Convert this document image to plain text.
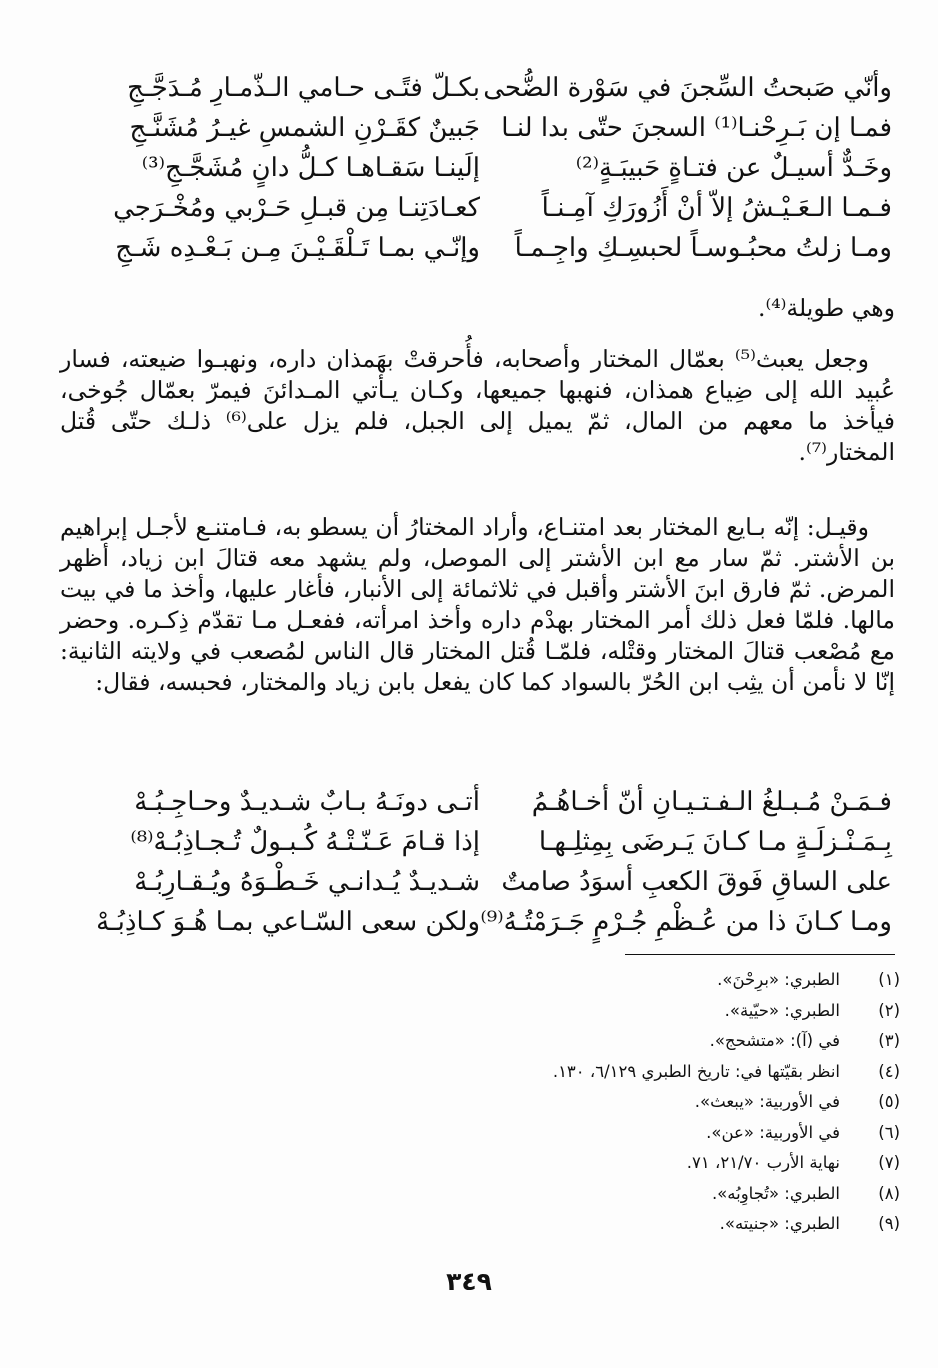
وأنّي صَبحتُ السِّجنَ في سَوْرة الضُّحى
بكـلّ فتًـى حـامي الـذّمـارِ مُـدَجَّـجِ
فمـا إن بَـرِحْنـا⁽¹⁾ السجنَ حتّى بدا لنـا
جَبينٌ كقَـرْنِ الشمسِ غيـرُ مُشَنَّـجِ
وخَـدٌّ أسيـلٌ عن فتـاةٍ حَبيبَـةٍ⁽²⁾
إلَينـا سَقـاهـا كـلُّ دانٍ مُشَجَّـجِ⁽³⁾
فـمـا الـعَـيْـشُ إلاّ أنْ أَزُورَكِ آمِـنـاً
كعـادَتِنـا مِن قبـلِ حَـرْبي ومُخْـرَجي
ومـا زلتُ محبُـوسـاً لحبسِـكِ واجِـمـاً
وإنّـي بمـا تَـلْقَـيْـنَ مِـن بَـعْـدِه شَـجِ

وهي طويلة⁽⁴⁾.

وجعل يعبث⁽⁵⁾ بعمّال المختار وأصحابه، فأُحرقتْ بهَمذان داره، ونهبـوا ضيعته، فسار عُبيد الله إلى ضِياع همذان، فنهبها جميعها، وكـان يـأتي المـدائنَ فيمرّ بعمّال جُوخى، فيأخذ ما معهم من المال، ثمّ يميل إلى الجبل، فلم يزل على⁽⁶⁾ ذلـك حتّى قُتل المختار⁽⁷⁾.

وقيـل: إنّه بـايع المختار بعد امتنـاع، وأراد المختارُ أن يسطو به، فـامتنـع لأجـل إبراهيم بن الأشتر. ثمّ سار مع ابن الأشتر إلى الموصل، ولم يشهد معه قتالَ ابن زياد، أظهر المرض. ثمّ فارق ابنَ الأشتر وأقبل في ثلاثمائة إلى الأنبار، فأغار عليها، وأخذ ما في بيت مالها. فلمّا فعل ذلك أمر المختار بهدْم داره وأخذ امرأته، ففعـل مـا تقدّم ذِكـره. وحضر مع مُصْعب قتالَ المختار وقتْله، فلمّـا قُتل المختار قال الناس لمُصعب في ولايته الثانية: إنّا لا نأمن أن يثِب ابن الحُرّ بالسواد كما كان يفعل بابن زياد والمختار، فحبسه، فقال:

فـمَـنْ مُـبـلغُ الـفـتـيـانِ أنّ أخـاهُـمُ
أتـى دونَـهُ بـابٌ شـديـدٌ وحـاجِـبُـهْ
بِـمَـنْـزلَـةٍ مـا كـانَ يَـرضَى بِمِثلِـهـا
إذا قـامَ عَـنّـتْـهُ كُـبـولٌ تُـجـاذِبُـهْ⁽⁸⁾
على الساقِ فَوقَ الكعبِ أسوَدُ صامتٌ
شـديـدٌ يُـدانـي خَـطْـوَهُ ويُـقـارِبُـهْ
ومـا كـانَ ذا من عُـظْمِ جُـرْمٍ جَـرَمْتُـهُ⁽⁹⁾
ولكن سعى السّـاعي بمـا هُـوَ كـاذِبُـهْ
(١)الطبري: «برِحْنَ».
(٢)الطبري: «حيّية».
(٣)في (آ): «متشحج».
(٤)انظر بقيّتها في: تاريخ الطبري ٦/١٢٩، ١٣٠.
(٥)في الأوربية: «يبعث».
(٦)في الأوربية: «عن».
(٧)نهاية الأرب ٢١/٧٠، ٧١.
(٨)الطبري: «تُجاوِبُه».
(٩)الطبري: «جنيته».
٣٤٩
